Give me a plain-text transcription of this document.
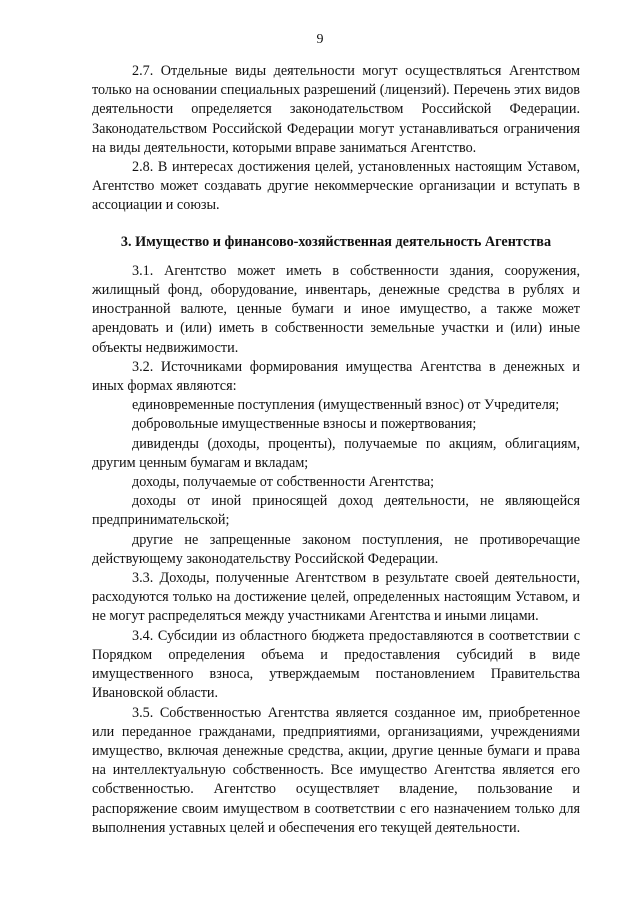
9

2.7. Отдельные виды деятельности могут осуществляться Агентством только на основании специальных разрешений (лицензий). Перечень этих видов деятельности определяется законодательством Российской Федерации. Законодательством Российской Федерации могут устанавливаться ограничения на виды деятельности, которыми вправе заниматься Агентство.

2.8. В интересах достижения целей, установленных настоящим Уставом, Агентство может создавать другие некоммерческие организации и вступать в ассоциации и союзы.

3. Имущество и финансово-хозяйственная деятельность Агентства

3.1. Агентство может иметь в собственности здания, сооружения, жилищный фонд, оборудование, инвентарь, денежные средства в рублях и иностранной валюте, ценные бумаги и иное имущество, а также может арендовать и (или) иметь в собственности земельные участки и (или) иные объекты недвижимости.

3.2. Источниками формирования имущества Агентства в денежных и иных формах являются:

единовременные поступления (имущественный взнос) от Учредителя;

добровольные имущественные взносы и пожертвования;

дивиденды (доходы, проценты), получаемые по акциям, облигациям, другим ценным бумагам и вкладам;

доходы, получаемые от собственности Агентства;

доходы от иной приносящей доход деятельности, не являющейся предпринимательской;

другие не запрещенные законом поступления, не противоречащие действующему законодательству Российской Федерации.

3.3. Доходы, полученные Агентством в результате своей деятельности, расходуются только на достижение целей, определенных настоящим Уставом, и не могут распределяться между участниками Агентства и иными лицами.

3.4. Субсидии из областного бюджета предоставляются в соответствии с Порядком определения объема и предоставления субсидий в виде имущественного взноса, утверждаемым постановлением Правительства Ивановской области.

3.5. Собственностью Агентства является созданное им, приобретенное или переданное гражданами, предприятиями, организациями, учреждениями имущество, включая денежные средства, акции, другие ценные бумаги и права на интеллектуальную собственность. Все имущество Агентства является его собственностью. Агентство осуществляет владение, пользование и распоряжение своим имуществом в соответствии с его назначением только для выполнения уставных целей и обеспечения его текущей деятельности.
